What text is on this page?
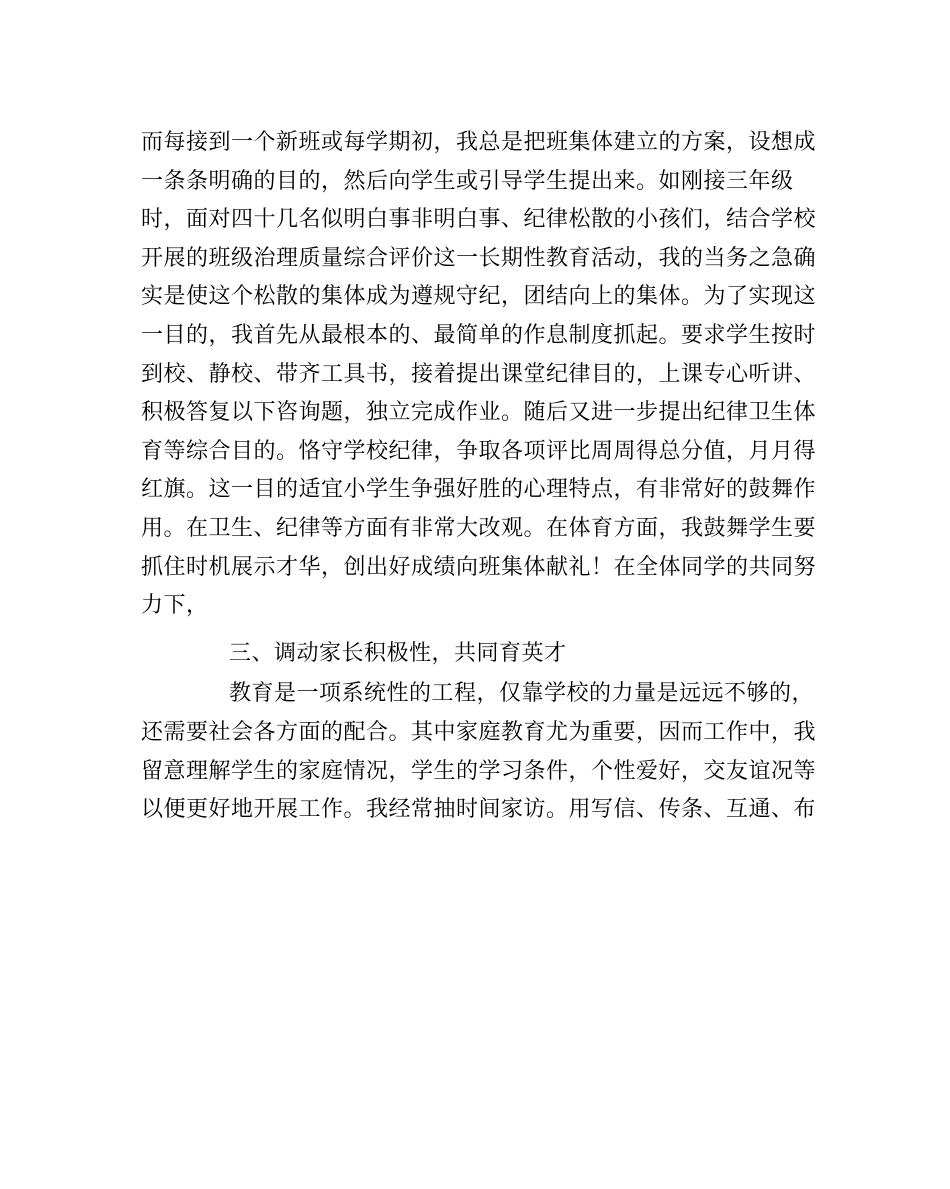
而每接到一个新班或每学期初，我总是把班集体建立的方案，设想成
一条条明确的目的，然后向学生或引导学生提出来。如刚接三年级
时，面对四十几名似明白事非明白事、纪律松散的小孩们，结合学校
开展的班级治理质量综合评价这一长期性教育活动，我的当务之急确
实是使这个松散的集体成为遵规守纪，团结向上的集体。为了实现这
一目的，我首先从最根本的、最简单的作息制度抓起。要求学生按时
到校、静校、带齐工具书，接着提出课堂纪律目的，上课专心听讲、
积极答复以下咨询题，独立完成作业。随后又进一步提出纪律卫生体
育等综合目的。恪守学校纪律，争取各项评比周周得总分值，月月得
红旗。这一目的适宜小学生争强好胜的心理特点，有非常好的鼓舞作
用。在卫生、纪律等方面有非常大改观。在体育方面，我鼓舞学生要
抓住时机展示才华，创出好成绩向班集体献礼！在全体同学的共同努
力下，
三、调动家长积极性，共同育英才
教育是一项系统性的工程，仅靠学校的力量是远远不够的，
还需要社会各方面的配合。其中家庭教育尤为重要，因而工作中，我
留意理解学生的家庭情况，学生的学习条件，个性爱好，交友谊况等
以便更好地开展工作。我经常抽时间家访。用写信、传条、互通、布
